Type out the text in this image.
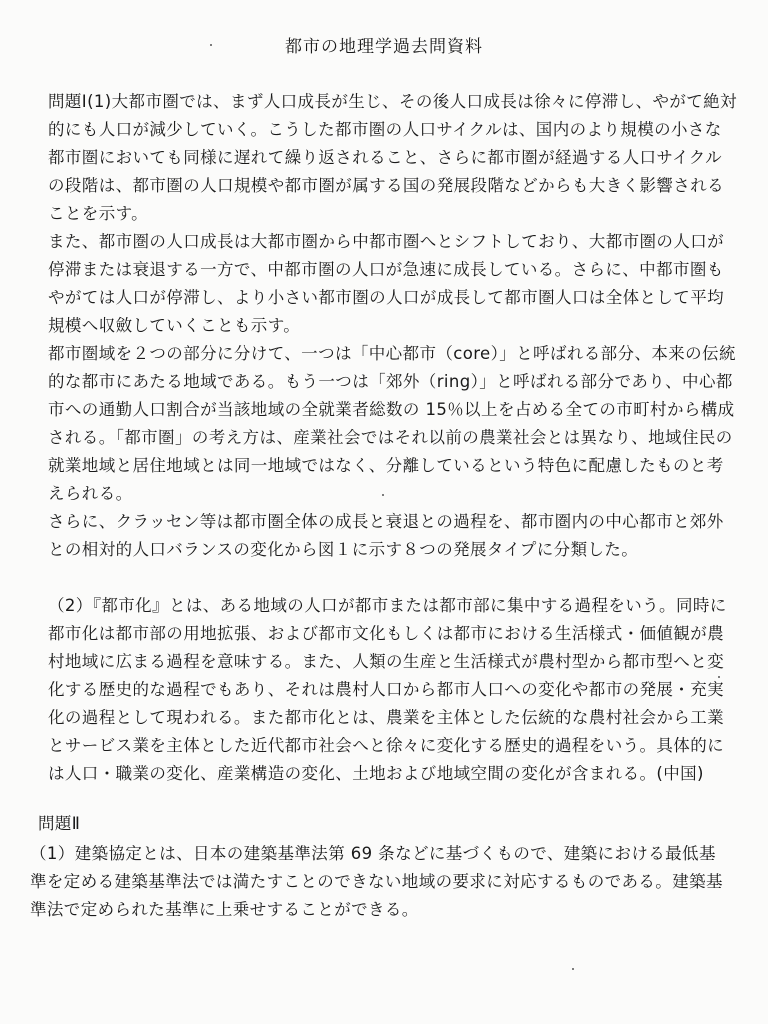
都市の地理学過去問資料

問題Ⅰ(1)大都市圏では、まず人口成長が生じ、その後人口成長は徐々に停滞し、やがて絶対的にも人口が減少していく。こうした都市圏の人口サイクルは、国内のより規模の小さな都市圏においても同様に遅れて繰り返されること、さらに都市圏が経過する人口サイクルの段階は、都市圏の人口規模や都市圏が属する国の発展段階などからも大きく影響されることを示す。

また、都市圏の人口成長は大都市圏から中都市圏へとシフトしており、大都市圏の人口が停滞または衰退する一方で、中都市圏の人口が急速に成長している。さらに、中都市圏もやがては人口が停滞し、より小さい都市圏の人口が成長して都市圏人口は全体として平均規模へ収斂していくことも示す。

都市圏域を２つの部分に分けて、一つは「中心都市（core）」と呼ばれる部分、本来の伝統的な都市にあたる地域である。もう一つは「郊外（ring）」と呼ばれる部分であり、中心都市への通勤人口割合が当該地域の全就業者総数の 15％以上を占める全ての市町村から構成される。「都市圏」の考え方は、産業社会ではそれ以前の農業社会とは異なり、地域住民の就業地域と居住地域とは同一地域ではなく、分離しているという特色に配慮したものと考えられる。

さらに、クラッセン等は都市圏全体の成長と衰退との過程を、都市圏内の中心都市と郊外との相対的人口バランスの変化から図１に示す８つの発展タイプに分類した。

（2）『都市化』とは、ある地域の人口が都市または都市部に集中する過程をいう。同時に都市化は都市部の用地拡張、および都市文化もしくは都市における生活様式・価値観が農村地域に広まる過程を意味する。また、人類の生産と生活様式が農村型から都市型へと変化する歴史的な過程でもあり、それは農村人口から都市人口への変化や都市の発展・充実化の過程として現われる。また都市化とは、農業を主体とした伝統的な農村社会から工業とサービス業を主体とした近代都市社会へと徐々に変化する歴史的過程をいう。具体的には人口・職業の変化、産業構造の変化、土地および地域空間の変化が含まれる。(中国)

問題Ⅱ

（1）建築協定とは、日本の建築基準法第 69 条などに基づくもので、建築における最低基準を定める建築基準法では満たすことのできない地域の要求に対応するものである。建築基準法で定められた基準に上乗せすることができる。
